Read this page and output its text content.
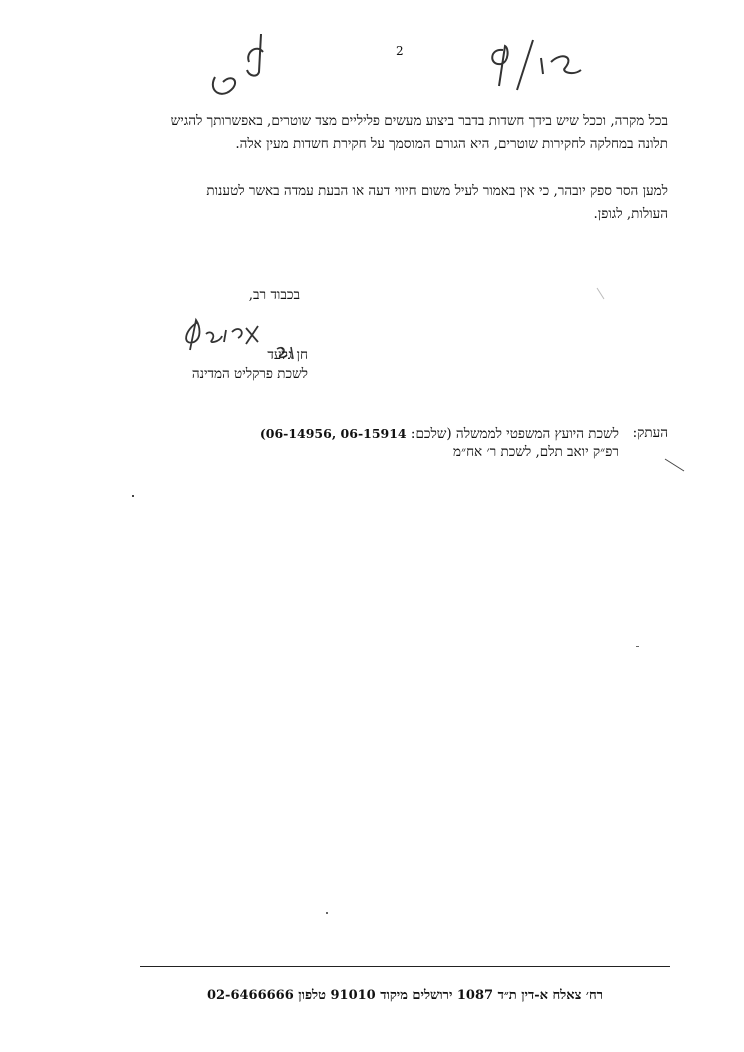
2
בכל מקרה, וככל שיש בידך חשדות בדבר ביצוע מעשים פליליים מצד שוטרים, באפשרותך להגיש
תלונה במחלקה לחקירות שוטרים, היא הגורם המוסמך על חקירת חשדות מעין אלה.
למען הסר ספק יובהר, כי אין באמור לעיל משום חיווי דעה או הבעת עמדה באשר לטענות
העולות, לגופן.
בכבוד רב,
חן גלעד
לשכת פרקליט המדינה
העתק:
לשכת היועץ המשפטי לממשלה (שלכם: 06-15914 ,06-14956)
רפ״ק יואב תלם, לשכת ר׳ אח״מ
רח׳ צאלח א-דין ת״ד 1087 ירושלים מיקוד 91010 טלפון 02-6466666
